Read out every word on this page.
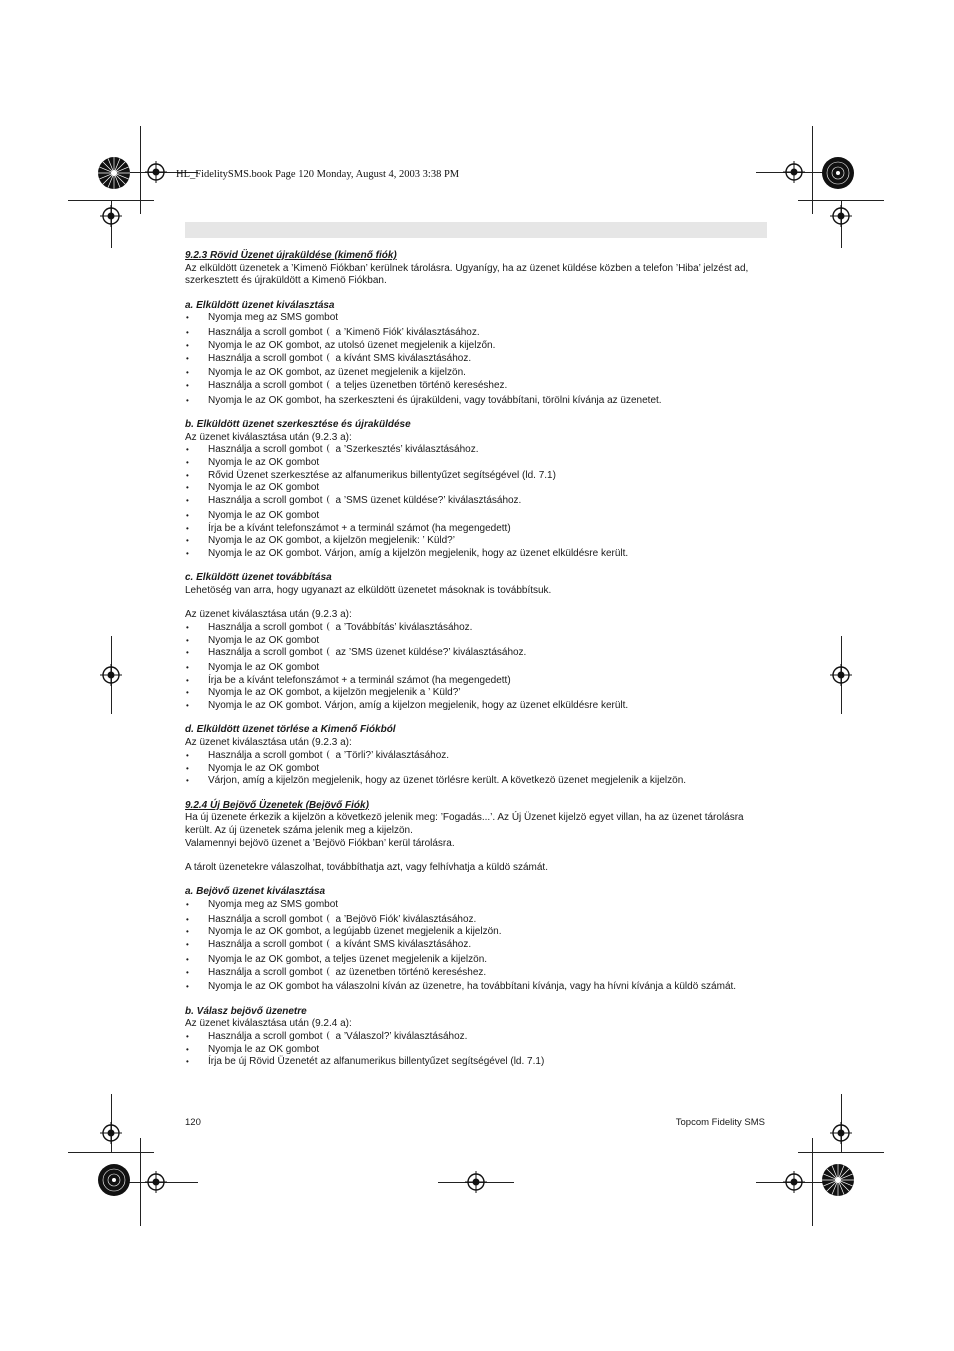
HL_FidelitySMS.book Page 120 Monday, August 4, 2003 3:38 PM

9.2.3 Rövid Üzenet újraküldése (kimenő fiók)

Az elküldött üzenetek a ’Kimenö Fiókban’ kerülnek tárolásra. Ugyanígy, ha az üzenet küldése közben a telefon ’Hiba’ jelzést ad, szerkesztett és újraküldött a Kimenö Fiókban.

a. Elküldött üzenet kiválasztása

• Nyomja meg az SMS gombot
• Használja a scroll gombot a ’Kimenö Fiók’ kiválasztásához.
• Nyomja le az OK gombot, az utolsó üzenet megjelenik a kijelzőn.
• Használja a scroll gombot a kívánt SMS kiválasztásához.
• Nyomja le az OK gombot, az üzenet megjelenik a kijelzön.
• Használja a scroll gombot a teljes üzenetben történö kereséshez.
• Nyomja le az OK gombot, ha szerkeszteni és újraküldeni, vagy továbbítani, törölni kívánja az üzenetet.

b. Elküldött üzenet szerkesztése és újraküldése

Az üzenet kiválasztása után (9.2.3 a):

• Használja a scroll gombot a ’Szerkesztés’ kiválasztásához.
• Nyomja le az OK gombot
• Rővid Üzenet szerkesztése az alfanumerikus billentyűzet segítségével (ld. 7.1)
• Nyomja le az OK gombot
• Használja a scroll gombot a ’SMS üzenet küldése?’ kiválasztásához.
• Nyomja le az OK gombot
• Írja be a kívánt telefonszámot + a terminál számot (ha megengedett)
• Nyomja le az OK gombot, a kijelzön megjelenik: ’ Küld?’
• Nyomja le az OK gombot. Várjon, amíg a kijelzön megjelenik, hogy az üzenet elküldésre került.

c. Elküldött üzenet továbbítása

Lehetöség van arra, hogy ugyanazt az elküldött üzenetet másoknak is továbbítsuk.

Az üzenet kiválasztása után (9.2.3 a):

• Használja a scroll gombot a ’Továbbítás’ kiválasztásához.
• Nyomja le az OK gombot
• Használja a scroll gombot az ’SMS üzenet küldése?’ kiválasztásához.
• Nyomja le az OK gombot
• Írja be a kívánt telefonszámot + a terminál számot (ha megengedett)
• Nyomja le az OK gombot, a kijelzön megjelenik a ’ Küld?’
• Nyomja le az OK gombot. Várjon, amíg a kijelzon megjelenik, hogy az üzenet elküldésre került.

d. Elküldött üzenet törlése a Kimenő Fiókból

Az üzenet kiválasztása után (9.2.3 a):

• Használja a scroll gombot a ’Törli?’ kiválasztásához.
• Nyomja le az OK gombot
• Várjon, amíg a kijelzön megjelenik, hogy az üzenet törlésre került. A következö üzenet megjelenik a kijelzön.

9.2.4 Új Bejövő Üzenetek (Bejövő Fiók)

Ha új üzenete érkezik a kijelzön a következö jelenik meg: ’Fogadás...’. Az Új Üzenet kijelzö egyet villan, ha az üzenet tárolásra került. Az új üzenetek száma jelenik meg a kijelzön.

Valamennyi bejövö üzenet a ’Bejövö Fiókban’ kerül tárolásra.

A tárolt üzenetekre válaszolhat, továbbíthatja azt, vagy felhívhatja a küldö számát.

a. Bejövő üzenet kiválasztása

• Nyomja meg az SMS gombot
• Használja a scroll gombot a ’Bejövö Fiók’ kiválasztásához.
• Nyomja le az OK gombot, a legújabb üzenet megjelenik a kijelzön.
• Használja a scroll gombot a kívánt SMS kiválasztásához.
• Nyomja le az OK gombot, a teljes üzenet megjelenik a kijelzön.
• Használja a scroll gombot az üzenetben történö kereséshez.
• Nyomja le az OK gombot ha válaszolni kíván az üzenetre, ha továbbítani kívánja, vagy ha hívni kívánja a küldö számát.

b. Válasz bejövő üzenetre

Az üzenet kiválasztása után (9.2.4 a):

• Használja a scroll gombot a ’Válaszol?’ kiválasztásához.
• Nyomja le az OK gombot
• Írja be új Rövid Üzenetét az alfanumerikus billentyűzet segítségével (ld. 7.1)
120	Topcom Fidelity SMS
